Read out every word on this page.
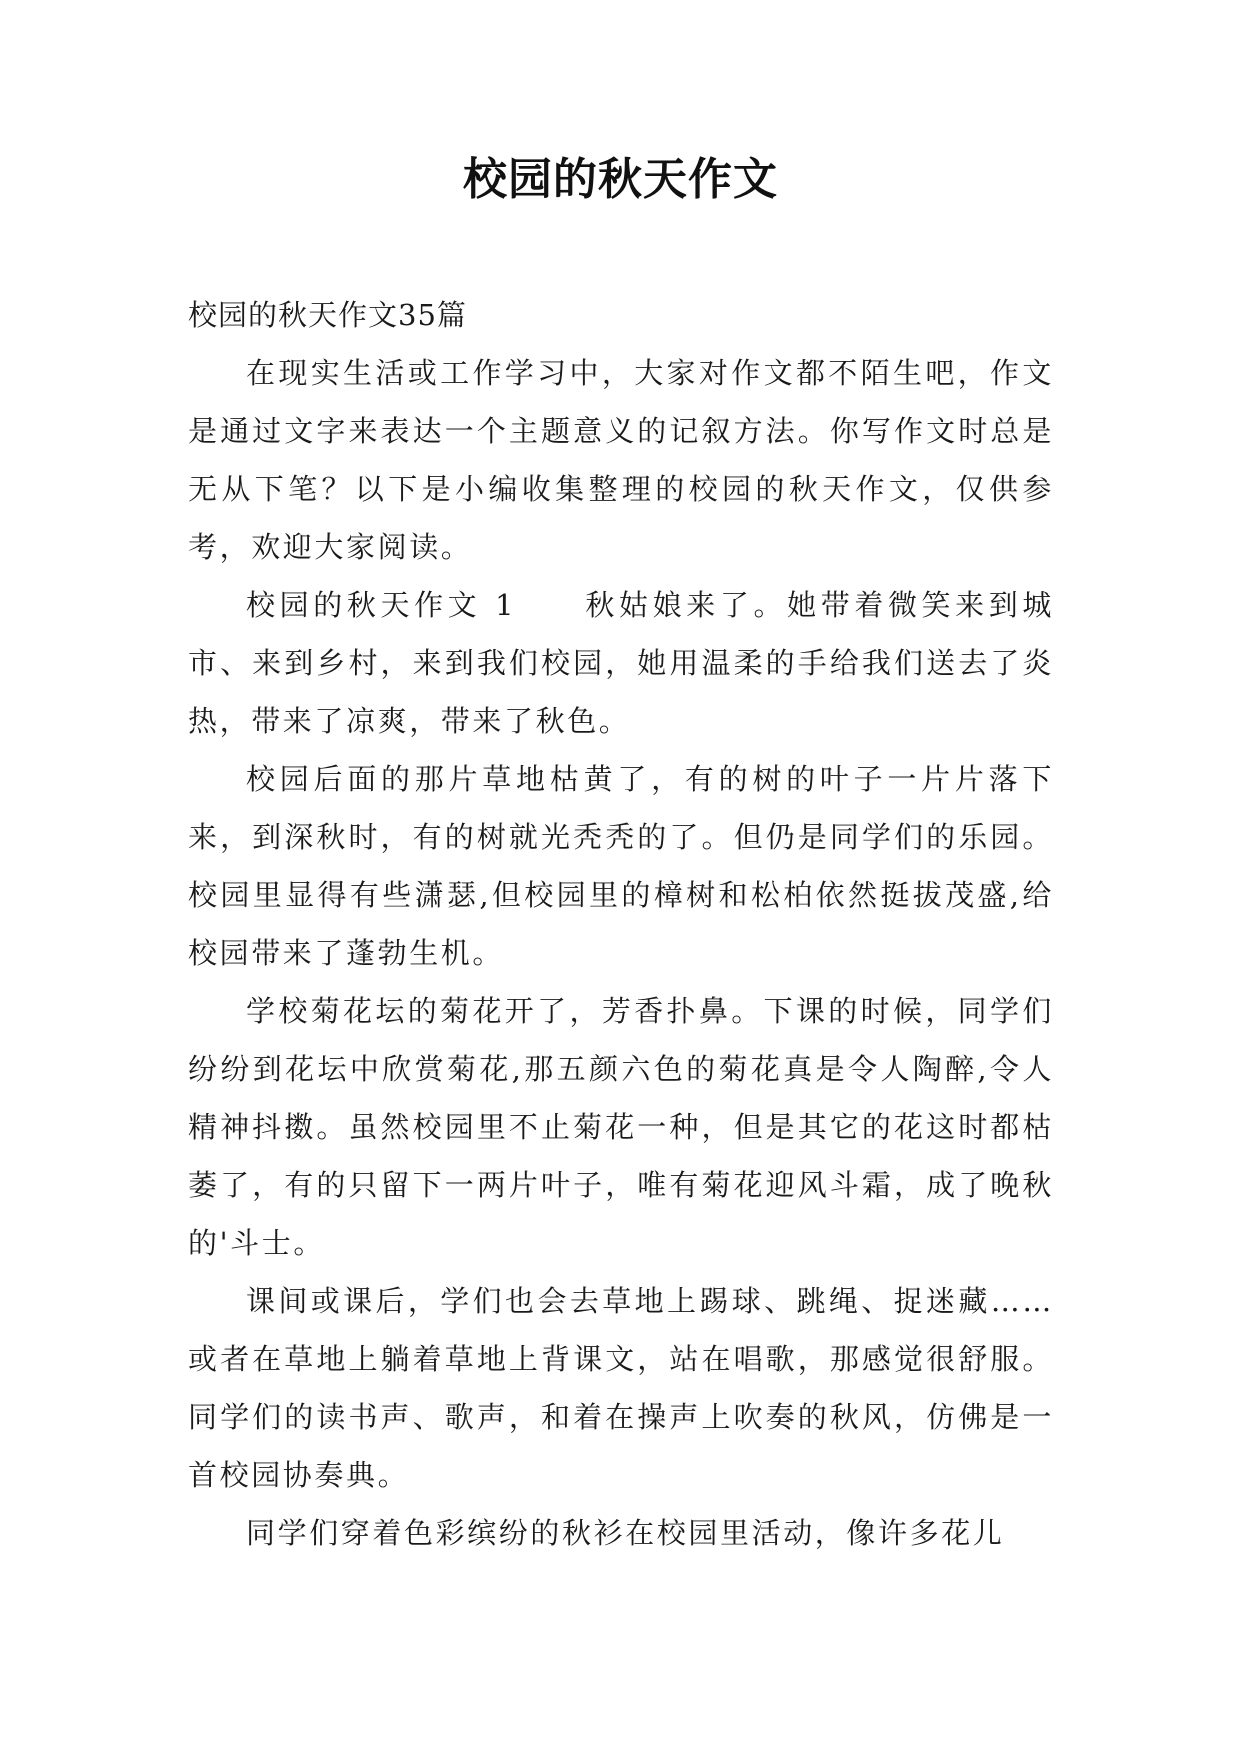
校园的秋天作文

校园的秋天作文35篇

在现实生活或工作学习中，大家对作文都不陌生吧，作文是通过文字来表达一个主题意义的记叙方法。你写作文时总是无从下笔？以下是小编收集整理的校园的秋天作文，仅供参考，欢迎大家阅读。

校园的秋天作文 1　　秋姑娘来了。她带着微笑来到城市、来到乡村，来到我们校园，她用温柔的手给我们送去了炎热，带来了凉爽，带来了秋色。

校园后面的那片草地枯黄了，有的树的叶子一片片落下来，到深秋时，有的树就光秃秃的了。但仍是同学们的乐园。校园里显得有些潇瑟,但校园里的樟树和松柏依然挺拔茂盛,给校园带来了蓬勃生机。

学校菊花坛的菊花开了，芳香扑鼻。下课的时候，同学们纷纷到花坛中欣赏菊花,那五颜六色的菊花真是令人陶醉,令人精神抖擞。虽然校园里不止菊花一种，但是其它的花这时都枯萎了，有的只留下一两片叶子，唯有菊花迎风斗霜，成了晚秋的'斗士。

课间或课后，学们也会去草地上踢球、跳绳、捉迷藏……或者在草地上躺着草地上背课文，站在唱歌，那感觉很舒服。同学们的读书声、歌声，和着在操声上吹奏的秋风，仿佛是一首校园协奏典。

同学们穿着色彩缤纷的秋衫在校园里活动，像许多花儿
